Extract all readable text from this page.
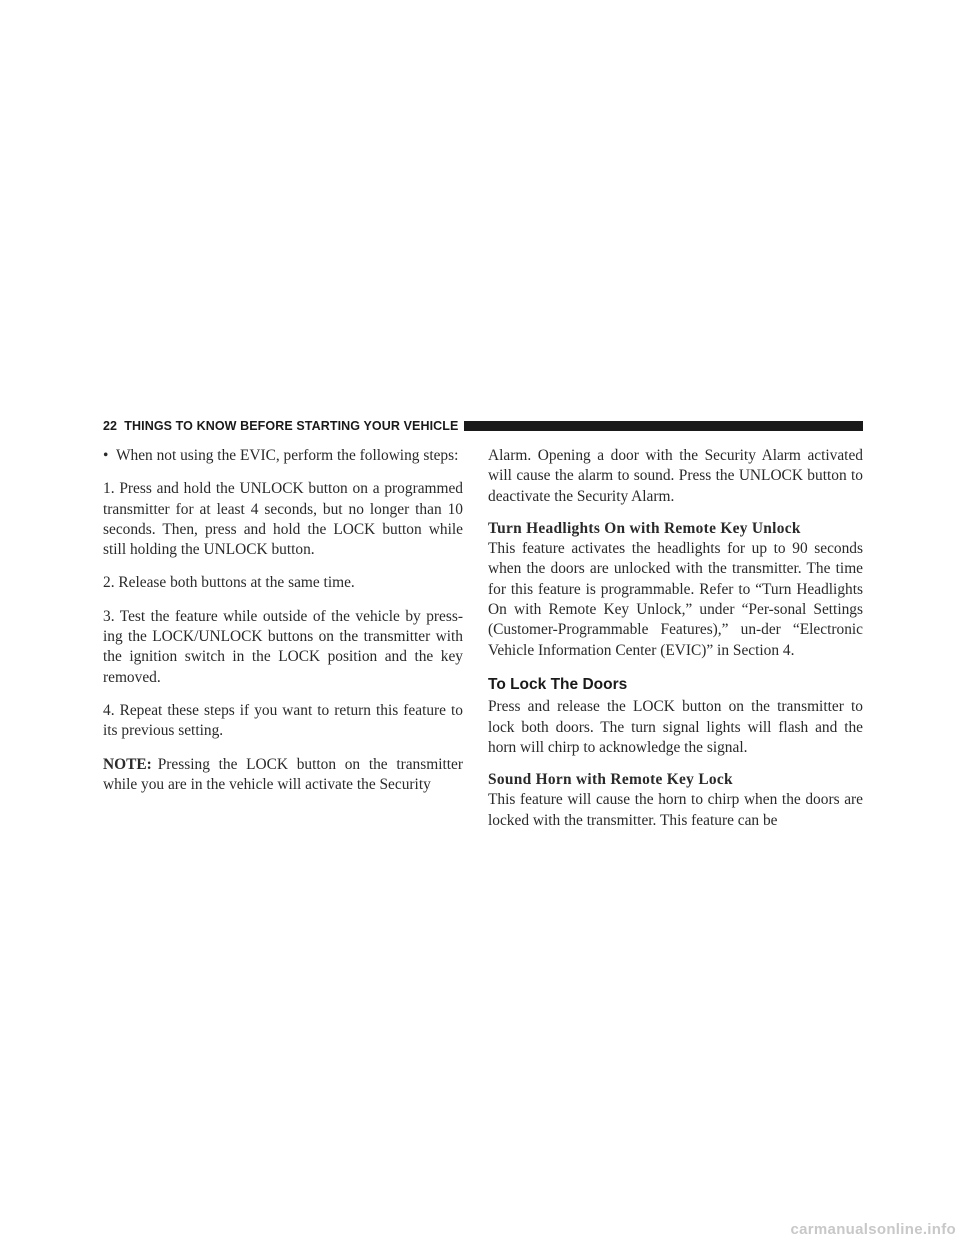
22 THINGS TO KNOW BEFORE STARTING YOUR VEHICLE
• When not using the EVIC, perform the following steps:

1. Press and hold the UNLOCK button on a programmed transmitter for at least 4 seconds, but no longer than 10 seconds. Then, press and hold the LOCK button while still holding the UNLOCK button.

2. Release both buttons at the same time.

3. Test the feature while outside of the vehicle by press-ing the LOCK/UNLOCK buttons on the transmitter with the ignition switch in the LOCK position and the key removed.

4. Repeat these steps if you want to return this feature to its previous setting.

NOTE: Pressing the LOCK button on the transmitter while you are in the vehicle will activate the Security

Alarm. Opening a door with the Security Alarm activated will cause the alarm to sound. Press the UNLOCK button to deactivate the Security Alarm.

Turn Headlights On with Remote Key Unlock

This feature activates the headlights for up to 90 seconds when the doors are unlocked with the transmitter. The time for this feature is programmable. Refer to “Turn Headlights On with Remote Key Unlock,” under “Per-sonal Settings (Customer-Programmable Features),” un-der “Electronic Vehicle Information Center (EVIC)” in Section 4.

To Lock The Doors

Press and release the LOCK button on the transmitter to lock both doors. The turn signal lights will flash and the horn will chirp to acknowledge the signal.

Sound Horn with Remote Key Lock

This feature will cause the horn to chirp when the doors are locked with the transmitter. This feature can be

carmanualsonline.info
